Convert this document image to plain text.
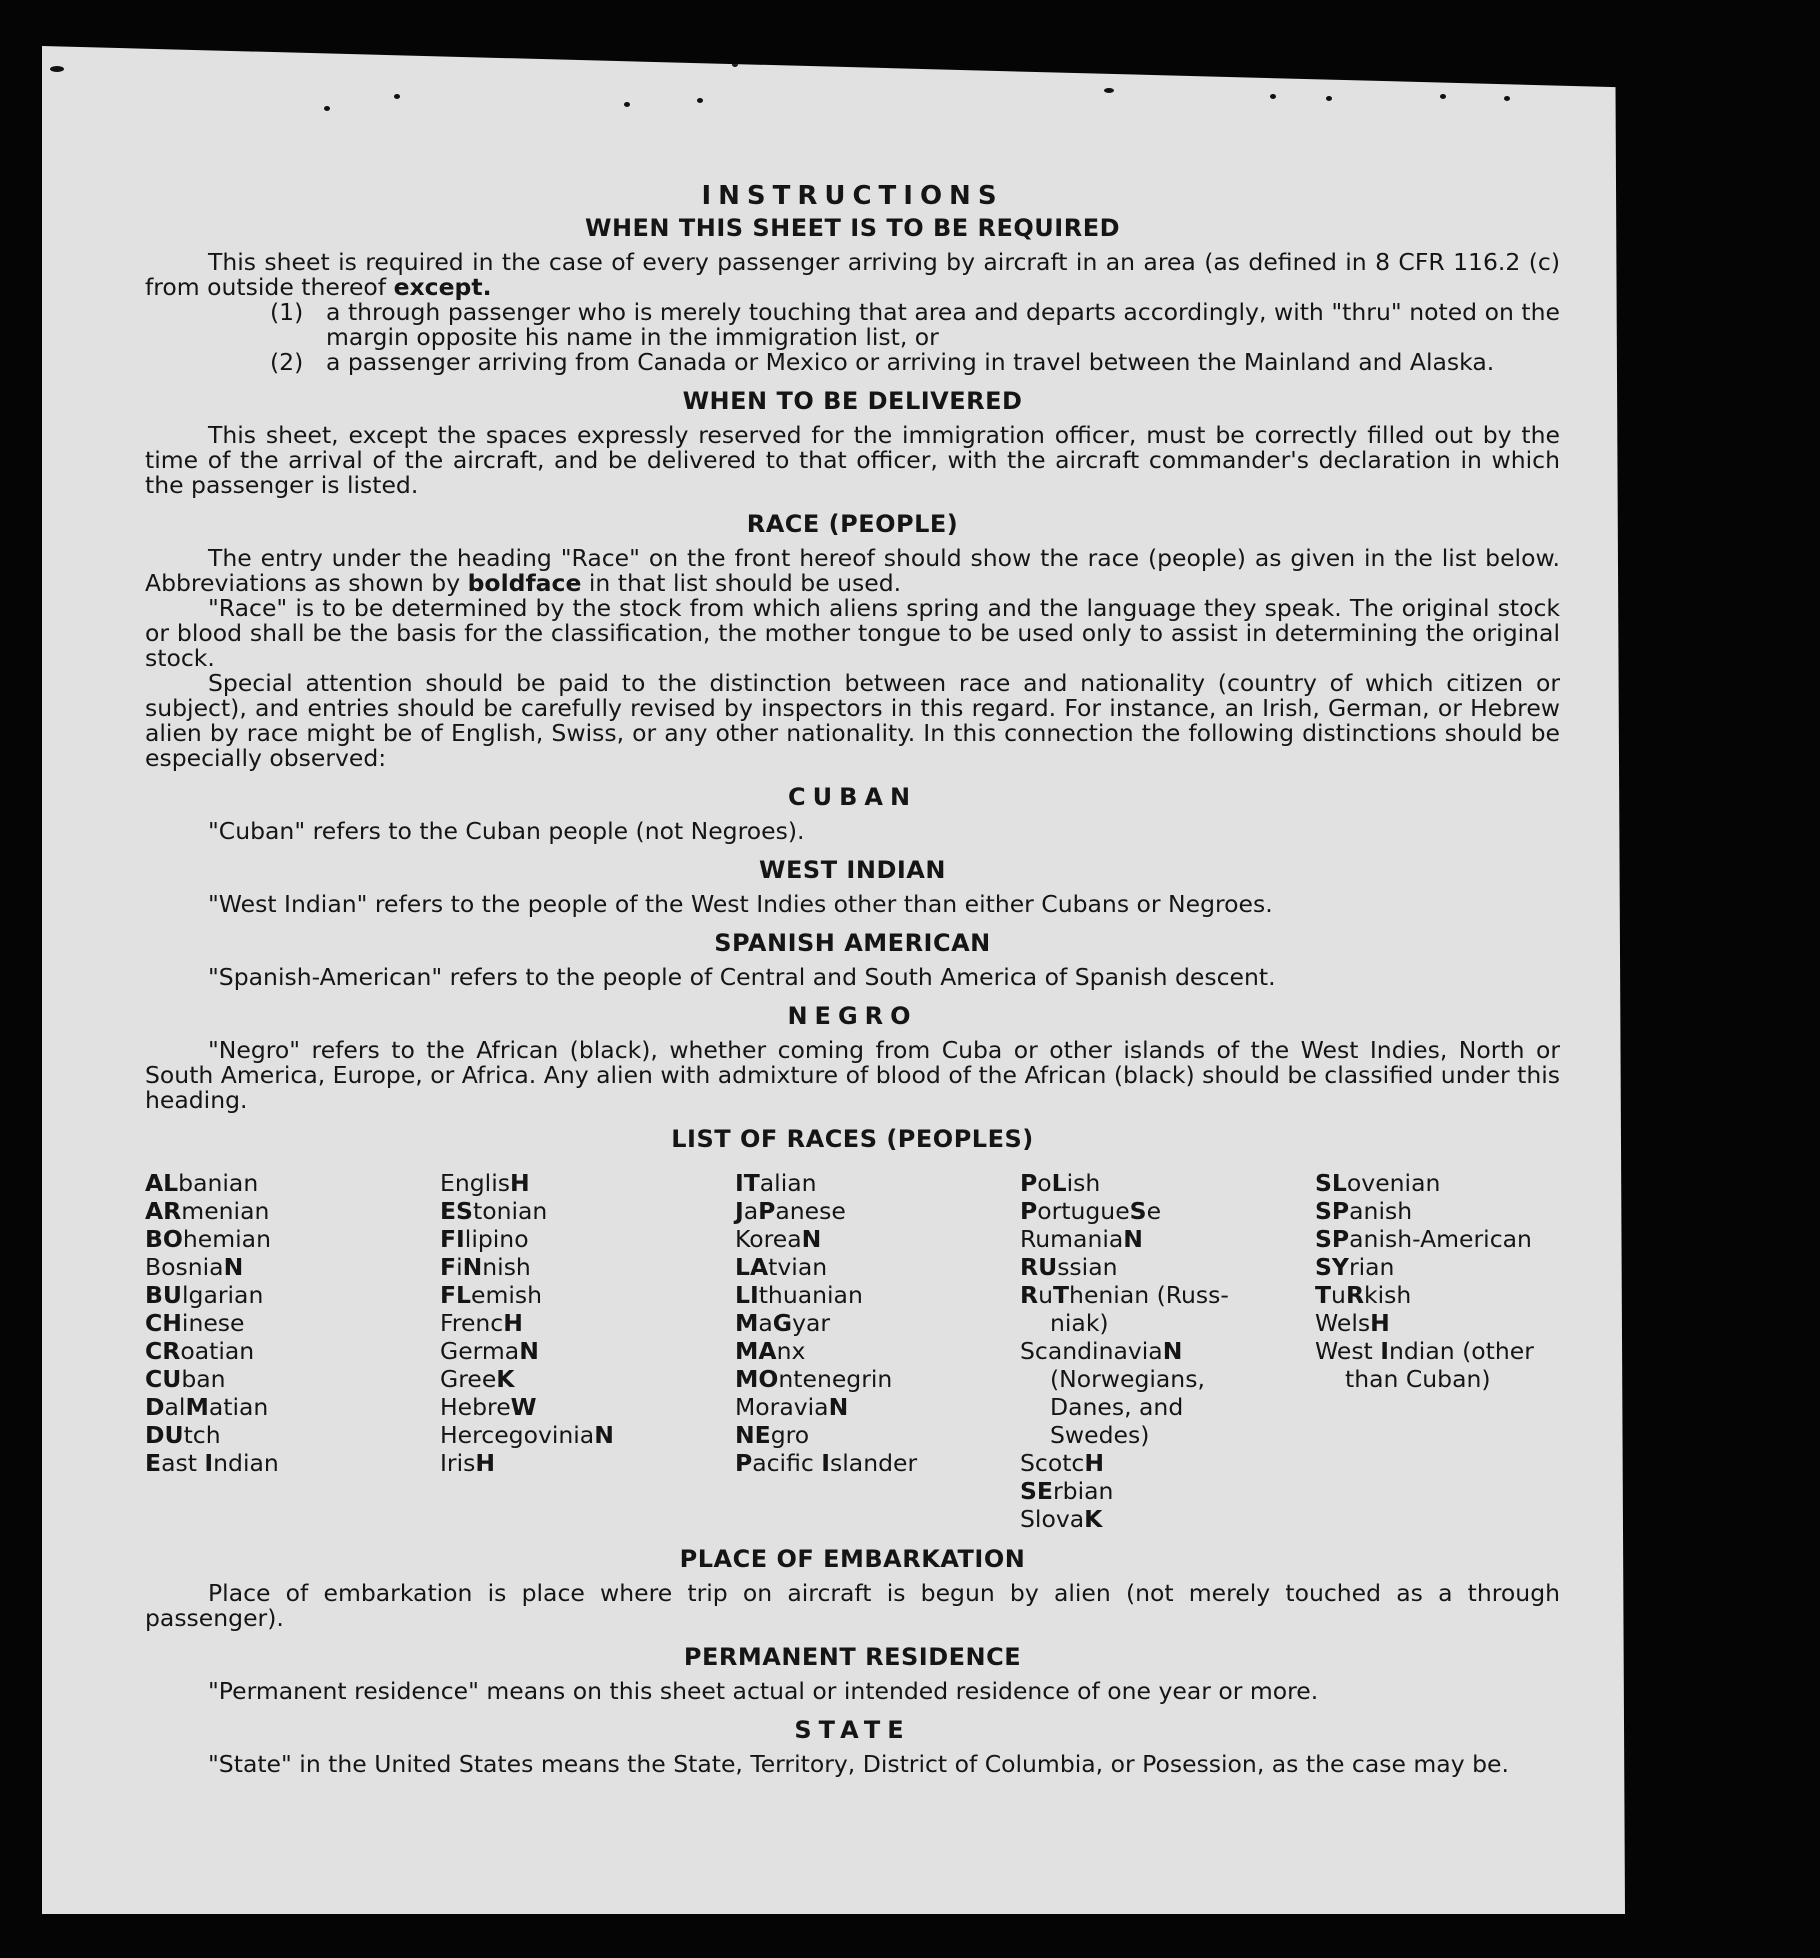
INSTRUCTIONS
WHEN THIS SHEET IS TO BE REQUIRED

This sheet is required in the case of every passenger arriving by aircraft in an area (as defined in 8 CFR 116.2 (c) from outside thereof except.

(1) a through passenger who is merely touching that area and departs accordingly, with "thru" noted on the margin opposite his name in the immigration list, or
(2) a passenger arriving from Canada or Mexico or arriving in travel between the Mainland and Alaska.
WHEN TO BE DELIVERED

This sheet, except the spaces expressly reserved for the immigration officer, must be correctly filled out by the time of the arrival of the aircraft, and be delivered to that officer, with the aircraft commander's declaration in which the passenger is listed.

RACE (PEOPLE)

The entry under the heading "Race" on the front hereof should show the race (people) as given in the list below. Abbreviations as shown by boldface in that list should be used.

"Race" is to be determined by the stock from which aliens spring and the language they speak. The original stock or blood shall be the basis for the classification, the mother tongue to be used only to assist in determining the original stock.

Special attention should be paid to the distinction between race and nationality (country of which citizen or subject), and entries should be carefully revised by inspectors in this regard. For instance, an Irish, German, or Hebrew alien by race might be of English, Swiss, or any other nationality. In this connection the following distinctions should be especially observed:

CUBAN
"Cuban" refers to the Cuban people (not Negroes).
WEST INDIAN
"West Indian" refers to the people of the West Indies other than either Cubans or Negroes.
SPANISH AMERICAN
"Spanish-American" refers to the people of Central and South America of Spanish descent.
NEGRO

"Negro" refers to the African (black), whether coming from Cuba or other islands of the West Indies, North or South America, Europe, or Africa. Any alien with admixture of blood of the African (black) should be classified under this heading.

LIST OF RACES (PEOPLES)
ALbanian
ARmenian
BOhemian
BosniaN
BUlgarian
CHinese
CRoatian
CUban
DalMatian
DUtch
East Indian
EnglisH
EStonian
FIlipino
FiNnish
FLemish
FrencH
GermaN
GreeK
HebreW
HercegoviniaN
IrisH
ITalian
JaPanese
KoreaN
LAtvian
LIthuanian
MaGyar
MAnx
MOntenegrin
MoraviaN
NEgro
Pacific Islander
PoLish
PortugueSe
RumaniaN
RUssian
RuThenian (Russ-
niak)
ScandinaviaN
(Norwegians,
Danes, and
Swedes)
ScotcH
SErbian
SlovaK
SLovenian
SPanish
SPanish-American
SYrian
TuRkish
WelsH
West Indian (other
than Cuban)
PLACE OF EMBARKATION

Place of embarkation is place where trip on aircraft is begun by alien (not merely touched as a through passenger).

PERMANENT RESIDENCE
"Permanent residence" means on this sheet actual or intended residence of one year or more.
STATE

"State" in the United States means the State, Territory, District of Columbia, or Posession, as the case may be.
